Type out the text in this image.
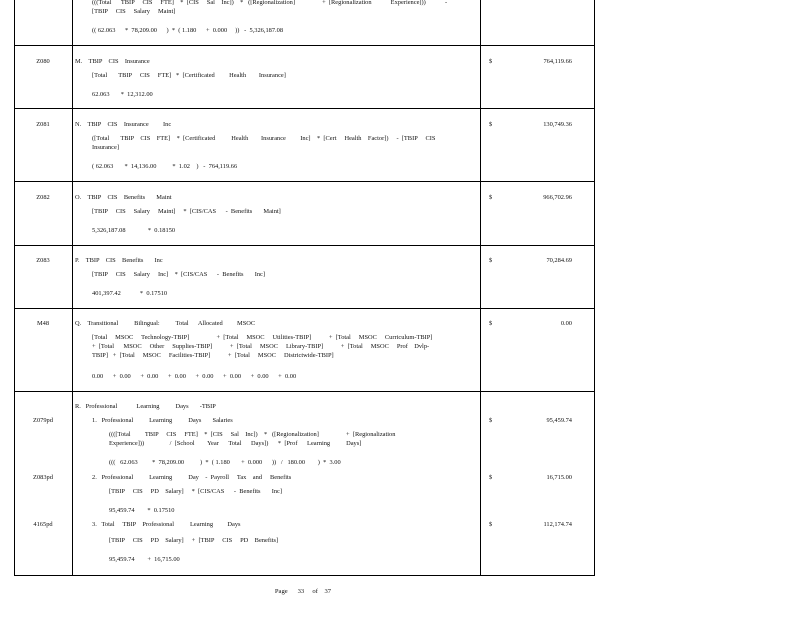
(((Total      TBIP     CIS     FTE]    *  [CIS     Sal    Inc])    *   ([Regionalization]                 +  [Regionalization            Experience]))            -
[TBIP     CIS     Salary     Maint]
(( 62.063      *  78,209.00      )  *  ( 1.180      +  0.000     ))   -  5,326,187.08
Z080	M.    TBIP    CIS    Insurance
[Total       TBIP     CIS     FTE]   *  [Certificated         Health        Insurance]
62.063       *  12,312.00
$	764,119.66
Z081	N.    TBIP    CIS    Insurance         Inc
([Total       TBIP    CIS    FTE]    *  [Certificated          Health        Insurance         Inc]    *  [Cert     Health    Factor])     -  [TBIP     CIS
Insurance]
( 62.063       *  14,136.00          *  1.02    )   -  764,119.66
$	130,749.36
Z082	O.    TBIP    CIS    Benefits       Maint
[TBIP     CIS     Salary     Maint]     *  [CIS/CAS      -  Benefits       Maint]
5,326,187.08              *  0.18150
$	966,702.96
Z083	P.    TBIP    CIS    Benefits       Inc
[TBIP     CIS     Salary     Inc]    *  [CIS/CAS      -  Benefits       Inc]
401,397.42            *  0.17510
$	70,284.69
M48	Q.    Transitional          Bilingual:          Total      Allocated         MSOC
[Total     MSOC     Technology-TBIP]                 +  [Total     MSOC     Utilities-TBIP]           +  [Total     MSOC     Curriculum-TBIP]
+  [Total      MSOC     Other     Supplies-TBIP]           +  [Total     MSOC     Library-TBIP]           +  [Total     MSOC     Prof    Dvlp-
TBIP]   +  [Total     MSOC     Facilities-TBIP]           +  [Total     MSOC     Districtwide-TBIP]
0.00      +  0.00      +  0.00      +  0.00      +  0.00      +  0.00      +  0.00      +  0.00
$	0.00
R.   Professional            Learning          Days       -TBIP
Z079pd	1.   Professional          Learning          Days       Salaries
((([Total         TBIP     CIS     FTE]    *  [CIS     Sal    Inc])    *   ([Regionalization]                 +  [Regionalization
Experience]))                /  [School        Year      Total      Days])      *  [Prof      Learning          Days]
(((   62.063         *  78,209.00          )  *  ( 1.180       +  0.000      ))   /   180.00        )  *  3.00
$	95,459.74
Z083pd	2.   Professional          Learning          Day    -  Payroll     Tax    and     Benefits
[TBIP     CIS     PD    Salary]     *  [CIS/CAS      -  Benefits       Inc]
95,459.74        *  0.17510
$	16,715.00
4165pd	3.   Total     TBIP    Professional          Learning         Days
[TBIP     CIS     PD    Salary]     +  [TBIP     CIS     PD    Benefits]
95,459.74        +  16,715.00
$	112,174.74
Page      33     of    37
